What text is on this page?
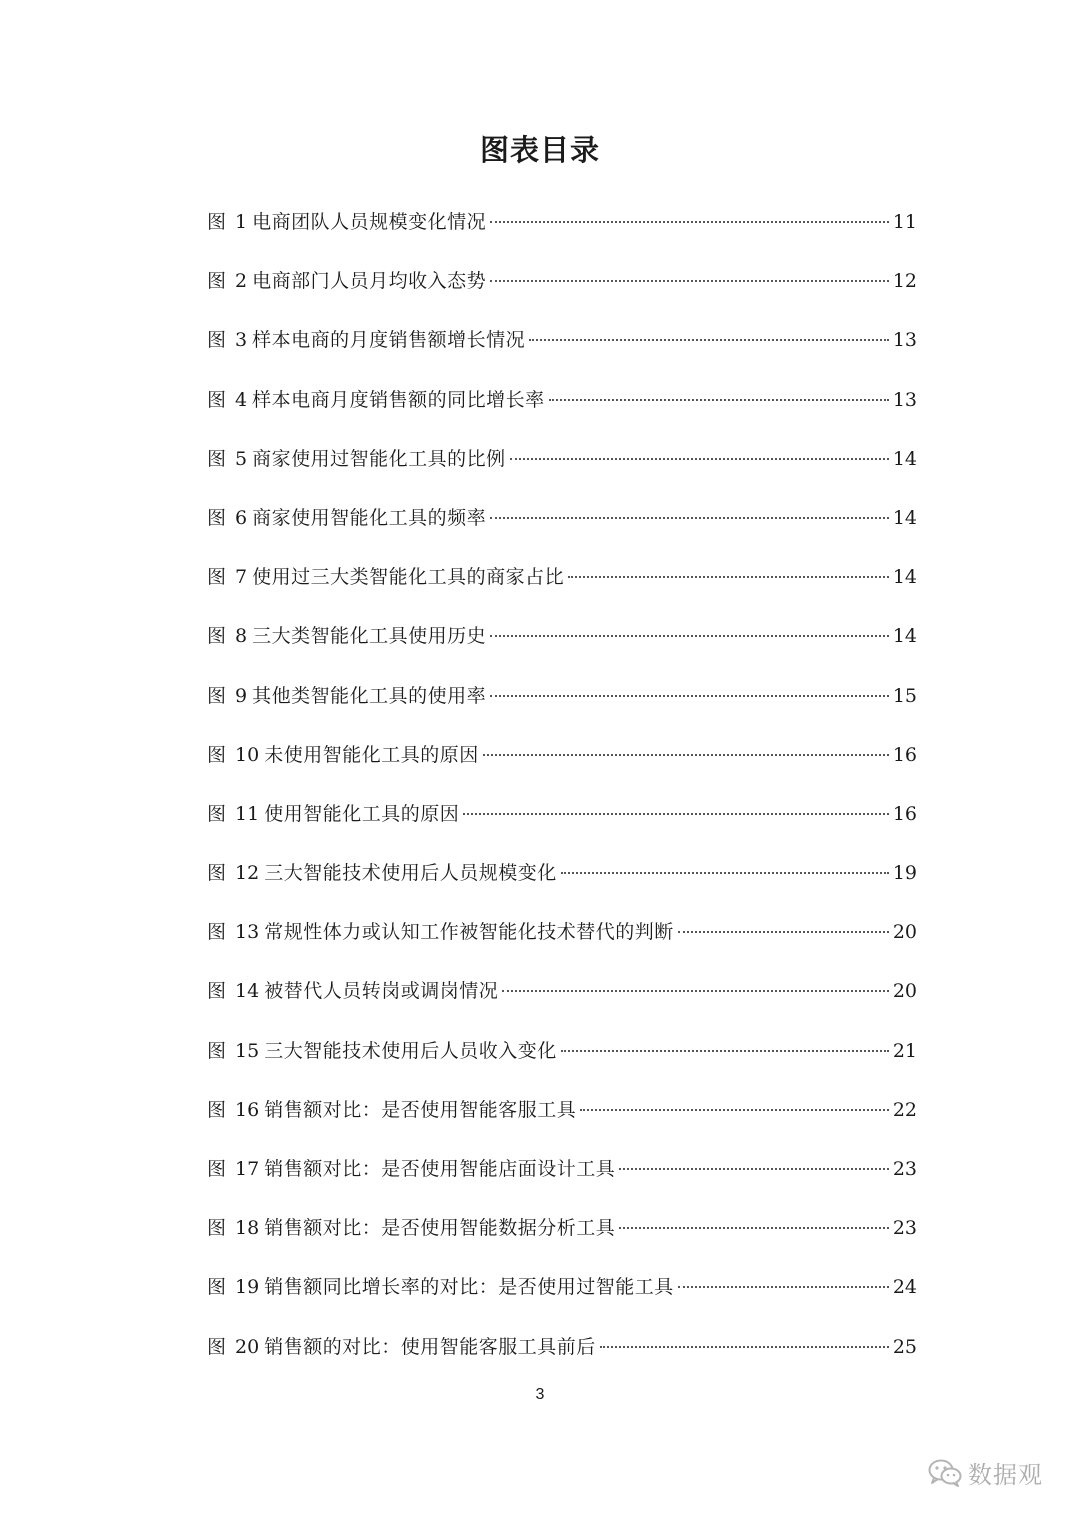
图表目录
图 1 电商团队人员规模变化情况	11
图 2 电商部门人员月均收入态势	12
图 3 样本电商的月度销售额增长情况	13
图 4 样本电商月度销售额的同比增长率	13
图 5 商家使用过智能化工具的比例	14
图 6 商家使用智能化工具的频率	14
图 7 使用过三大类智能化工具的商家占比	14
图 8 三大类智能化工具使用历史	14
图 9 其他类智能化工具的使用率	15
图 10 未使用智能化工具的原因	16
图 11 使用智能化工具的原因	16
图 12 三大智能技术使用后人员规模变化	19
图 13 常规性体力或认知工作被智能化技术替代的判断	20
图 14 被替代人员转岗或调岗情况	20
图 15 三大智能技术使用后人员收入变化	21
图 16 销售额对比：是否使用智能客服工具	22
图 17 销售额对比：是否使用智能店面设计工具	23
图 18 销售额对比：是否使用智能数据分析工具	23
图 19 销售额同比增长率的对比：是否使用过智能工具	24
图 20 销售额的对比：使用智能客服工具前后	25
3
数据观
